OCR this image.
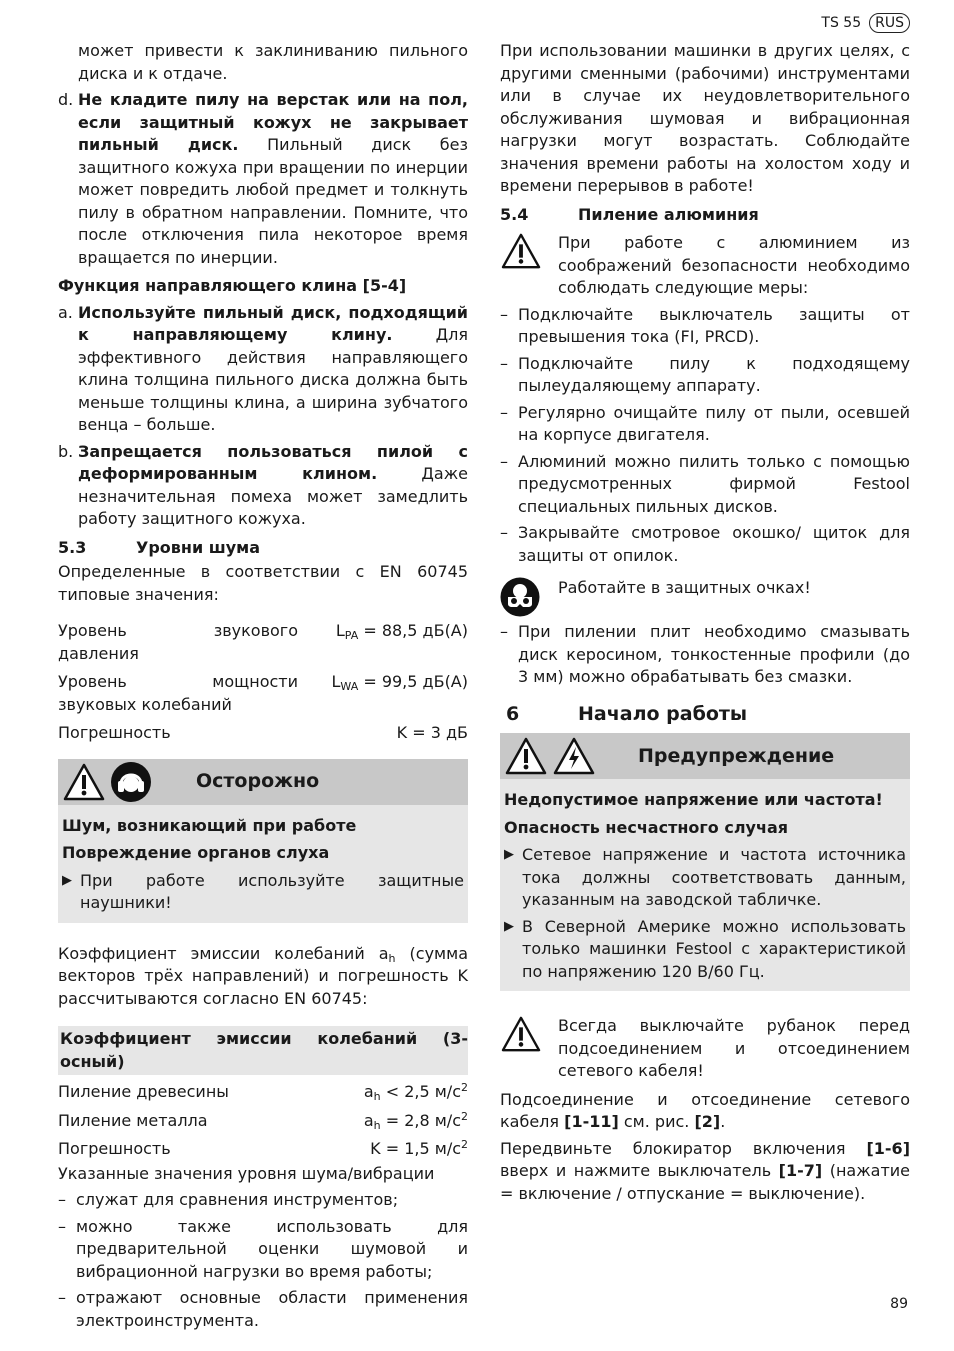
TS 55	RUS

может привести к заклиниванию пильного диска и к отдаче.

d. Не кладите пилу на верстак или на пол, если защитный кожух не закрывает пильный диск. Пильный диск без защитного кожуха при вращении по инерции может повредить любой предмет и толкнуть пилу в обратном направлении. Помните, что после отключения пила некоторое время вращается по инерции.

Функция направляющего клина [5-4]

a. Используйте пильный диск, подходящий к направляющему клину. Для эффективного действия направляющего клина толщина пильного диска должна быть меньше толщины клина, а ширина зубчатого венца – больше.
b. Запрещается пользоваться пилой с деформированным клином. Даже незначительная помеха может замедлить работу защитного кожуха.
5.3	Уровни шума

Определенные в соответствии с EN 60745 типовые значения:

Уровень звукового давления
$L_{PA} = 88,5$ дБ(A)
Уровень мощности звуковых колебаний
$L_{WA} = 99,5$ дБ(A)
Погрешность	K = 3 дБ
Осторожно

Шум, возникающий при работе

Повреждение органов слуха

▶ При работе используйте защитные наушники!

Коэффициент эмиссии колебаний $a_h$ (сумма векторов трёх направлений) и погрешность K рассчитываются согласно EN 60745:

Коэффициент эмиссии колебаний (3-осный)

Пиление древесины	$a_h < 2,5$ $м/с^2$
Пиление металла	$a_h = 2,8$ $м/с^2$
Погрешность	K = 1,5 $м/с^2$

Указанные значения уровня шума/вибрации

– служат для сравнения инструментов;
– можно также использовать для предварительной оценки шумовой и вибрационной нагрузки во время работы;
– отражают основные области применения электроинструмента.

При использовании машинки в других целях, с другими сменными (рабочими) инструментами или в случае их неудовлетворительного обслуживания шумовая и вибрационная нагрузки могут возрастать. Соблюдайте значения времени работы на холостом ходу и времени перерывов в работе!

5.4	Пиление алюминия
При работе с алюминием из соображений безопасности необходимо соблюдать следующие меры:
– Подключайте выключатель защиты от превышения тока (FI, PRCD).
– Подключайте пилу к подходящему пылеудаляющему аппарату.
– Регулярно очищайте пилу от пыли, осевшей на корпусе двигателя.
– Алюминий можно пилить только с помощью предусмотренных фирмой Festool специальных пильных дисков.
– Закрывайте смотровое окошко/ щиток для защиты от опилок.
Работайте в защитных очках!
– При пилении плит необходимо смазывать диск керосином, тонкостенные профили (до 3 мм) можно обрабатывать без смазки.
6	Начало работы
Предупреждение

Недопустимое напряжение или частота!

Опасность несчастного случая

▶ Сетевое напряжение и частота источника тока должны соответствовать данным, указанным на заводской табличке.
▶ В Северной Америке можно использовать только машинки Festool с характеристикой по напряжению 120 В/60 Гц.
Всегда выключайте рубанок перед подсоединением и отсоединением сетевого кабеля!

Подсоединение и отсоединение сетевого кабеля [1-11] см. рис. [2].

Передвиньте блокиратор включения [1-6] вверх и нажмите выключатель [1-7] (нажатие = включение / отпускание = выключение).

89
